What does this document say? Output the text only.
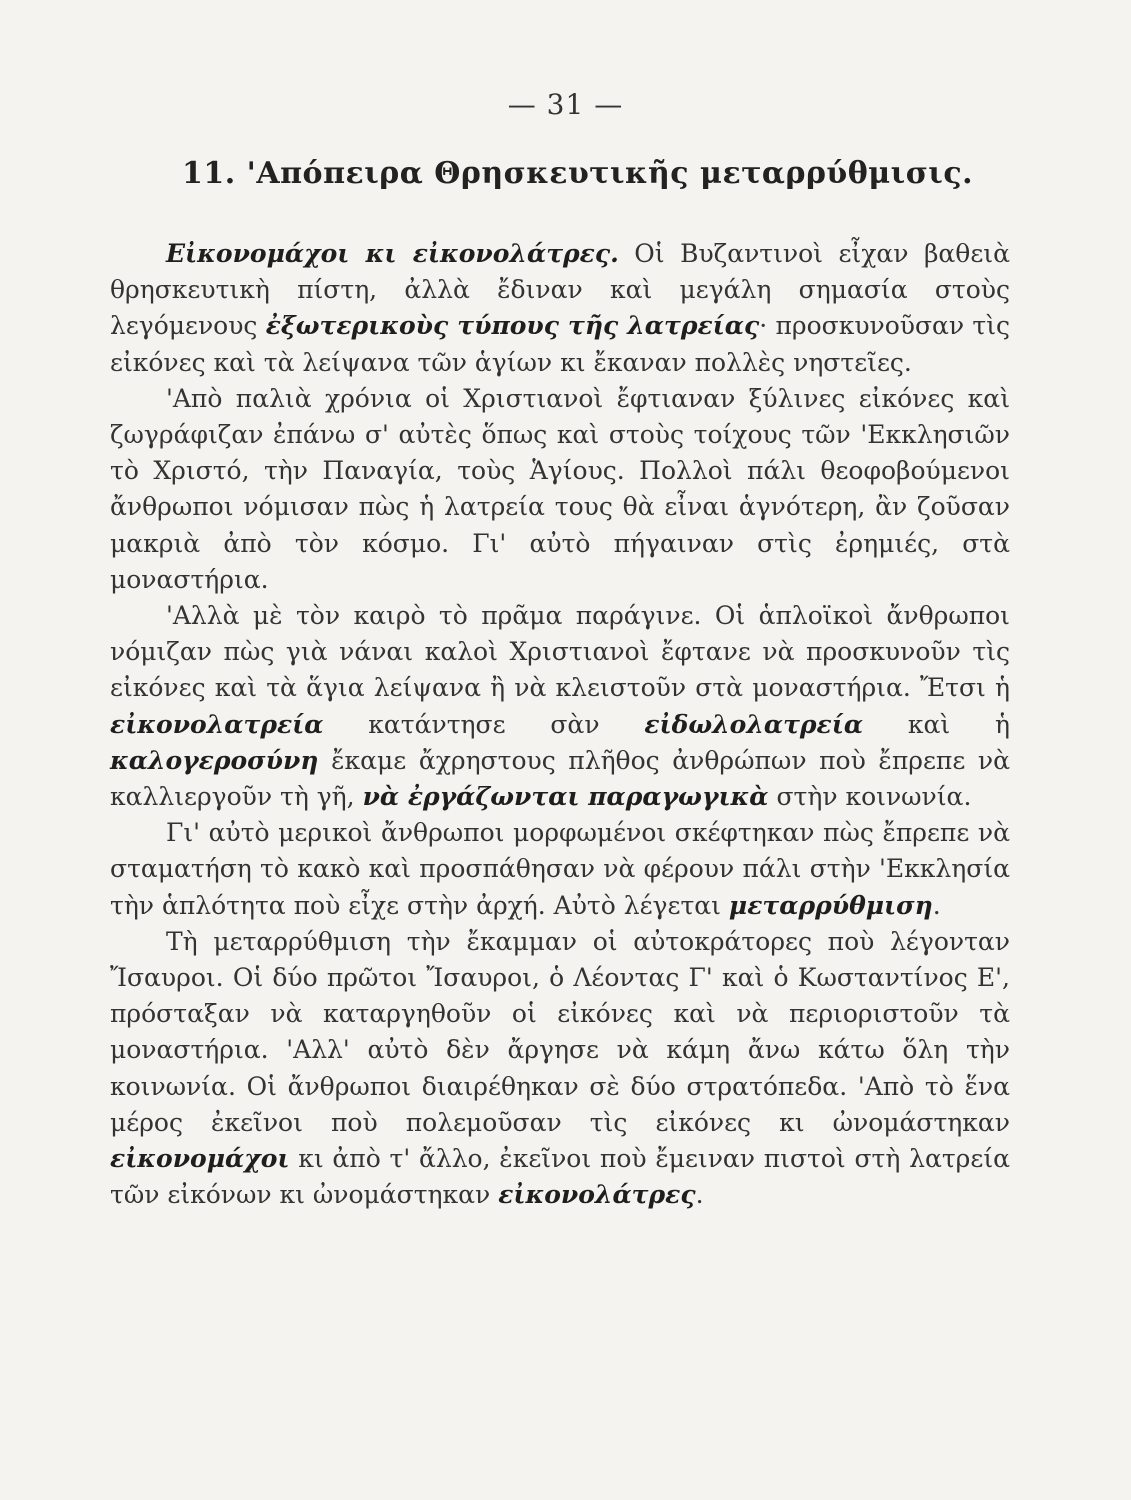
— 31 —
11. 'Απόπειρα Θρησκευτικῆς μεταρρύθμισις.

Εἰκονομάχοι κι εἰκονολάτρες. Οἱ Βυζαντινοὶ εἶχαν βαθειὰ θρησκευτικὴ πίστη, ἀλλὰ ἔδιναν καὶ μεγάλη σημασία στοὺς λεγόμενους ἐξωτερικοὺς τύπους τῆς λατρείας· προσκυνοῦσαν τὶς εἰκόνες καὶ τὰ λείψανα τῶν ἁγίων κι ἔκαναν πολλὲς νηστεῖες.

'Απὸ παλιὰ χρόνια οἱ Χριστιανοὶ ἔφτιαναν ξύλινες εἰκόνες καὶ ζωγράφιζαν ἐπάνω σ' αὐτὲς ὅπως καὶ στοὺς τοίχους τῶν 'Εκκλησιῶν τὸ Χριστό, τὴν Παναγία, τοὺς Ἁγίους. Πολλοὶ πάλι θεοφοβούμενοι ἄνθρωποι νόμισαν πὼς ἡ λατρεία τους θὰ εἶναι ἁγνότερη, ἂν ζοῦσαν μακριὰ ἀπὸ τὸν κόσμο. Γι' αὐτὸ πήγαιναν στὶς ἐρημιές, στὰ μοναστήρια.

'Αλλὰ μὲ τὸν καιρὸ τὸ πρᾶμα παράγινε. Οἱ ἁπλοϊκοὶ ἄνθρωποι νόμιζαν πὼς γιὰ νάναι καλοὶ Χριστιανοὶ ἔφτανε νὰ προσκυνοῦν τὶς εἰκόνες καὶ τὰ ἅγια λείψανα ἢ νὰ κλειστοῦν στὰ μοναστήρια. Ἔτσι ἡ εἰκονολατρεία κατάντησε σὰν εἰδωλολατρεία καὶ ἡ καλογεροσύνη ἔκαμε ἄχρηστους πλῆθος ἀνθρώπων ποὺ ἔπρεπε νὰ καλλιεργοῦν τὴ γῆ, νὰ ἐργάζωνται παραγωγικὰ στὴν κοινωνία.

Γι' αὐτὸ μερικοὶ ἄνθρωποι μορφωμένοι σκέφτηκαν πὼς ἔπρεπε νὰ σταματήση τὸ κακὸ καὶ προσπάθησαν νὰ φέρουν πάλι στὴν 'Εκκλησία τὴν ἁπλότητα ποὺ εἶχε στὴν ἀρχή. Αὐτὸ λέγεται μεταρρύθμιση.

Τὴ μεταρρύθμιση τὴν ἔκαμμαν οἱ αὐτοκράτορες ποὺ λέγονταν Ἴσαυροι. Οἱ δύο πρῶτοι Ἴσαυροι, ὁ Λέοντας Γ' καὶ ὁ Κωσταντίνος Ε', πρόσταξαν νὰ καταργηθοῦν οἱ εἰκόνες καὶ νὰ περιοριστοῦν τὰ μοναστήρια. 'Αλλ' αὐτὸ δὲν ἄργησε νὰ κάμη ἄνω κάτω ὅλη τὴν κοινωνία. Οἱ ἄνθρωποι διαιρέθηκαν σὲ δύο στρατόπεδα. 'Απὸ τὸ ἕνα μέρος ἐκεῖνοι ποὺ πολεμοῦσαν τὶς εἰκόνες κι ὠνομάστηκαν εἰκονομάχοι κι ἀπὸ τ' ἄλλο, ἐκεῖνοι ποὺ ἔμειναν πιστοὶ στὴ λατρεία τῶν εἰκόνων κι ὠνομάστηκαν εἰκονολάτρες.
